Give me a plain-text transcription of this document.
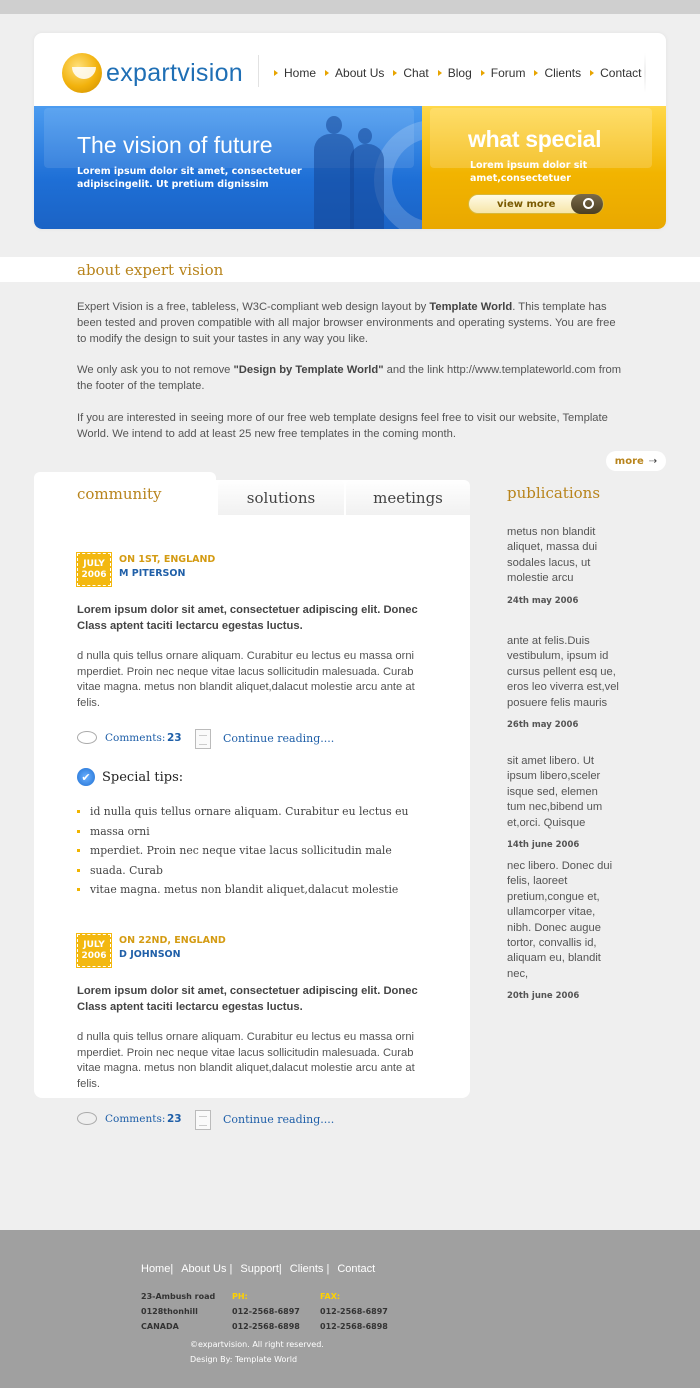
expartvision	Home About Us Chat Blog Forum Clients Contact
The vision of future
Lorem ipsum dolor sit amet, consectetuer adipiscingelit. Ut pretium dignissim
what special
Lorem ipsum dolor sit amet,consectetuer
view more
about expert vision
Expert Vision is a free, tableless, W3C-compliant web design layout by Template World. This template has been tested and proven compatible with all major browser environments and operating systems. You are free to modify the design to suit your tastes in any way you like.
We only ask you to not remove "Design by Template World" and the link http://www.templateworld.com from the footer of the template.
If you are interested in seeing more of our free web template designs feel free to visit our website, Template World. We intend to add at least 25 new free templates in the coming month.
more ⇢
solutions	meetings
community
JULY
2006
ON 1ST, ENGLAND
M PITERSON
Lorem ipsum dolor sit amet, consectetuer adipiscing elit. Donec Class aptent taciti lectarcu egestas luctus.
d nulla quis tellus ornare aliquam. Curabitur eu lectus eu massa orni mperdiet. Proin nec neque vitae lacus sollicitudin malesuada. Curab vitae magna. metus non blandit aliquet,dalacut molestie arcu ante at felis.
Comments: 23	Continue reading....
✔ Special tips:
id nulla quis tellus ornare aliquam. Curabitur eu lectus eu
massa orni
mperdiet. Proin nec neque vitae lacus sollicitudin male
suada. Curab
vitae magna. metus non blandit aliquet,dalacut molestie
JULY
2006
ON 22ND, ENGLAND
D JOHNSON
Lorem ipsum dolor sit amet, consectetuer adipiscing elit. Donec Class aptent taciti lectarcu egestas luctus.
d nulla quis tellus ornare aliquam. Curabitur eu lectus eu massa orni mperdiet. Proin nec neque vitae lacus sollicitudin malesuada. Curab vitae magna. metus non blandit aliquet,dalacut molestie arcu ante at felis.
Comments: 23	Continue reading....
publications
metus non blandit aliquet, massa dui sodales lacus, ut molestie arcu
24th may 2006
ante at felis.Duis vestibulum, ipsum id cursus pellent esq ue, eros leo viverra est,vel posuere felis mauris
26th may 2006
sit amet libero. Ut ipsum libero,sceler isque sed, elemen tum nec,bibend um et,orci. Quisque
14th june 2006
nec libero. Donec dui felis, laoreet pretium,congue et, ullamcorper vitae, nibh. Donec augue tortor, convallis id, aliquam eu, blandit nec,
20th june 2006
Home| About Us | Support| Clients | Contact
23-Ambush road
0128thonhill
CANADA
PH:
012-2568-6897
012-2568-6898
FAX:
012-2568-6897
012-2568-6898
©expartvision. All right reserved.
Design By: Template World
